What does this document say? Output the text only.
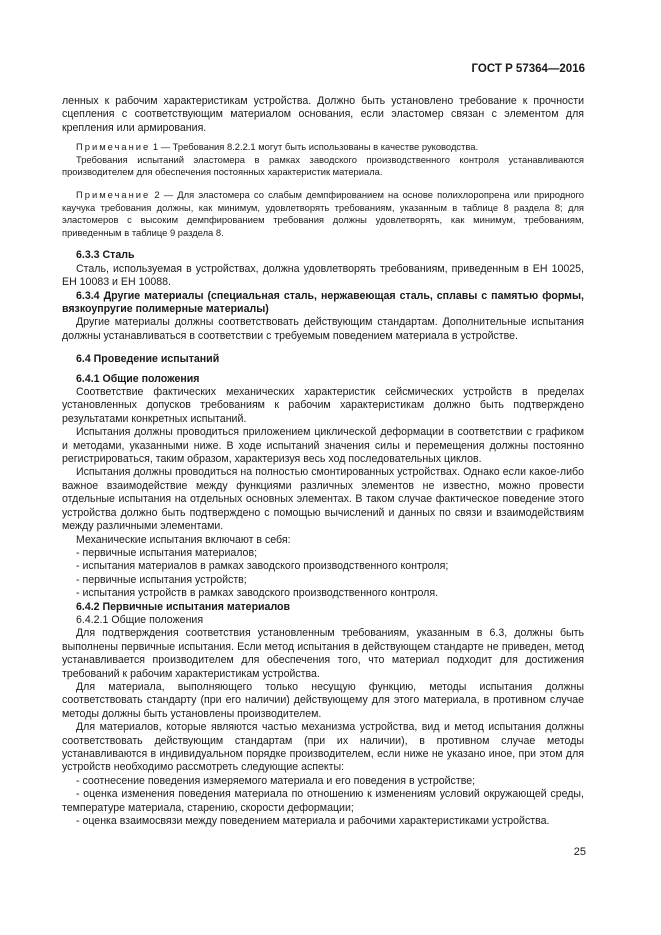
ГОСТ Р 57364—2016

ленных к рабочим характеристикам устройства. Должно быть установлено требование к прочности сцепления с соответствующим материалом основания, если эластомер связан с элементом для крепления или армирования.

Примечание 1 — Требования 8.2.2.1 могут быть использованы в качестве руководства.

Требования испытаний эластомера в рамках заводского производственного контроля устанавливаются производителем для обеспечения постоянных характеристик материала.

Примечание 2 — Для эластомера со слабым демпфированием на основе полихлоропрена или природного каучука требования должны, как минимум, удовлетворять требованиям, указанным в таблице 8 раздела 8; для эластомеров с высоким демпфированием требования должны удовлетворять, как минимум, требованиям, приведенным в таблице 9 раздела 8.

6.3.3 Сталь

Сталь, используемая в устройствах, должна удовлетворять требованиям, приведенным в ЕН 10025, ЕН 10083 и ЕН 10088.

6.3.4 Другие материалы (специальная сталь, нержавеющая сталь, сплавы с памятью формы, вязкоупругие полимерные материалы)

Другие материалы должны соответствовать действующим стандартам. Дополнительные испытания должны устанавливаться в соответствии с требуемым поведением материала в устройстве.

6.4 Проведение испытаний

6.4.1 Общие положения

Соответствие фактических механических характеристик сейсмических устройств в пределах установленных допусков требованиям к рабочим характеристикам должно быть подтверждено результатами конкретных испытаний.

Испытания должны проводиться приложением циклической деформации в соответствии с графиком и методами, указанными ниже. В ходе испытаний значения силы и перемещения должны постоянно регистрироваться, таким образом, характеризуя весь ход последовательных циклов.

Испытания должны проводиться на полностью смонтированных устройствах. Однако если какое-либо важное взаимодействие между функциями различных элементов не известно, можно провести отдельные испытания на отдельных основных элементах. В таком случае фактическое поведение этого устройства должно быть подтверждено с помощью вычислений и данных по связи и взаимодействиям между различными элементами.

Механические испытания включают в себя:

- первичные испытания материалов;

- испытания материалов в рамках заводского производственного контроля;

- первичные испытания устройств;

- испытания устройств в рамках заводского производственного контроля.

6.4.2 Первичные испытания материалов

6.4.2.1 Общие положения

Для подтверждения соответствия установленным требованиям, указанным в 6.3, должны быть выполнены первичные испытания. Если метод испытания в действующем стандарте не приведен, метод устанавливается производителем для обеспечения того, что материал подходит для достижения требований к рабочим характеристикам устройства.

Для материала, выполняющего только несущую функцию, методы испытания должны соответствовать стандарту (при его наличии) действующему для этого материала, в противном случае методы должны быть установлены производителем.

Для материалов, которые являются частью механизма устройства, вид и метод испытания должны соответствовать действующим стандартам (при их наличии), в противном случае методы устанавливаются в индивидуальном порядке производителем, если ниже не указано иное, при этом для устройств необходимо рассмотреть следующие аспекты:

- соотнесение поведения измеряемого материала и его поведения в устройстве;

- оценка изменения поведения материала по отношению к изменениям условий окружающей среды, температуре материала, старению, скорости деформации;

- оценка взаимосвязи между поведением материала и рабочими характеристиками устройства.

25
